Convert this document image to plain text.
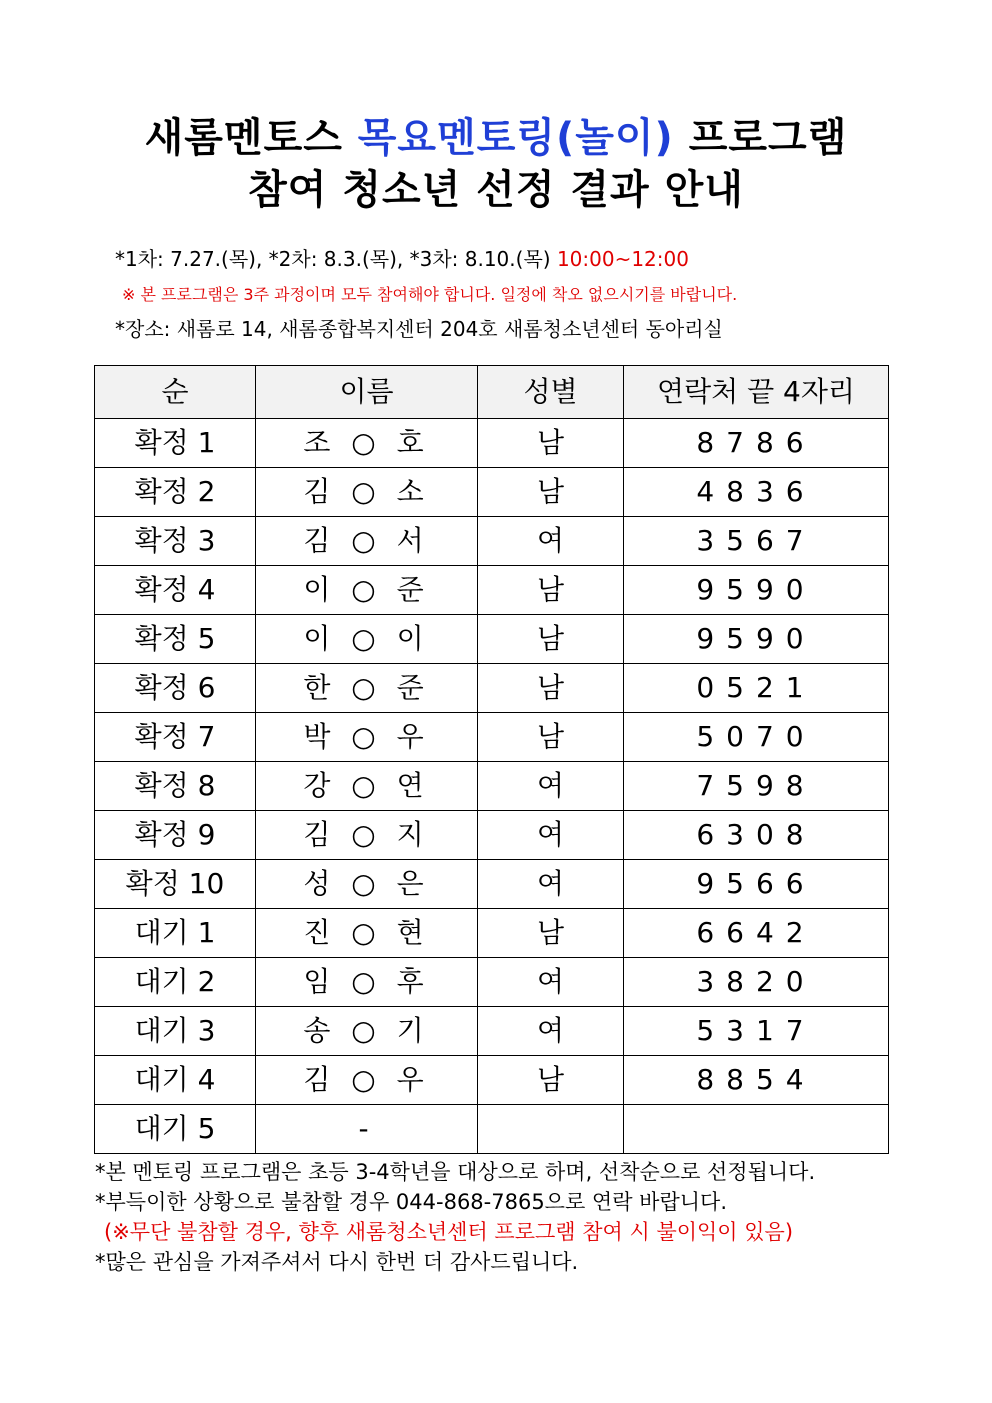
새롬멘토스 목요멘토링(놀이) 프로그램
참여 청소년 선정 결과 안내
*1차: 7.27.(목), *2차: 8.3.(목), *3차: 8.10.(목) 10:00~12:00
※ 본 프로그램은 3주 과정이며 모두 참여해야 합니다. 일정에 착오 없으시기를 바랍니다.
*장소: 새롬로 14, 새롬종합복지센터 204호 새롬청소년센터 동아리실
순	이름	성별	연락처 끝 4자리
확정 1	조 ○ 호	남	8786
확정 2	김 ○ 소	남	4836
확정 3	김 ○ 서	여	3567
확정 4	이 ○ 준	남	9590
확정 5	이 ○ 이	남	9590
확정 6	한 ○ 준	남	0521
확정 7	박 ○ 우	남	5070
확정 8	강 ○ 연	여	7598
확정 9	김 ○ 지	여	6308
확정 10	성 ○ 은	여	9566
대기 1	진 ○ 현	남	6642
대기 2	임 ○ 후	여	3820
대기 3	송 ○ 기	여	5317
대기 4	김 ○ 우	남	8854
대기 5	-		
*본 멘토링 프로그램은 초등 3-4학년을 대상으로 하며, 선착순으로 선정됩니다.
*부득이한 상황으로 불참할 경우 044-868-7865으로 연락 바랍니다.
(※무단 불참할 경우, 향후 새롬청소년센터 프로그램 참여 시 불이익이 있음)
*많은 관심을 가져주셔서 다시 한번 더 감사드립니다.
